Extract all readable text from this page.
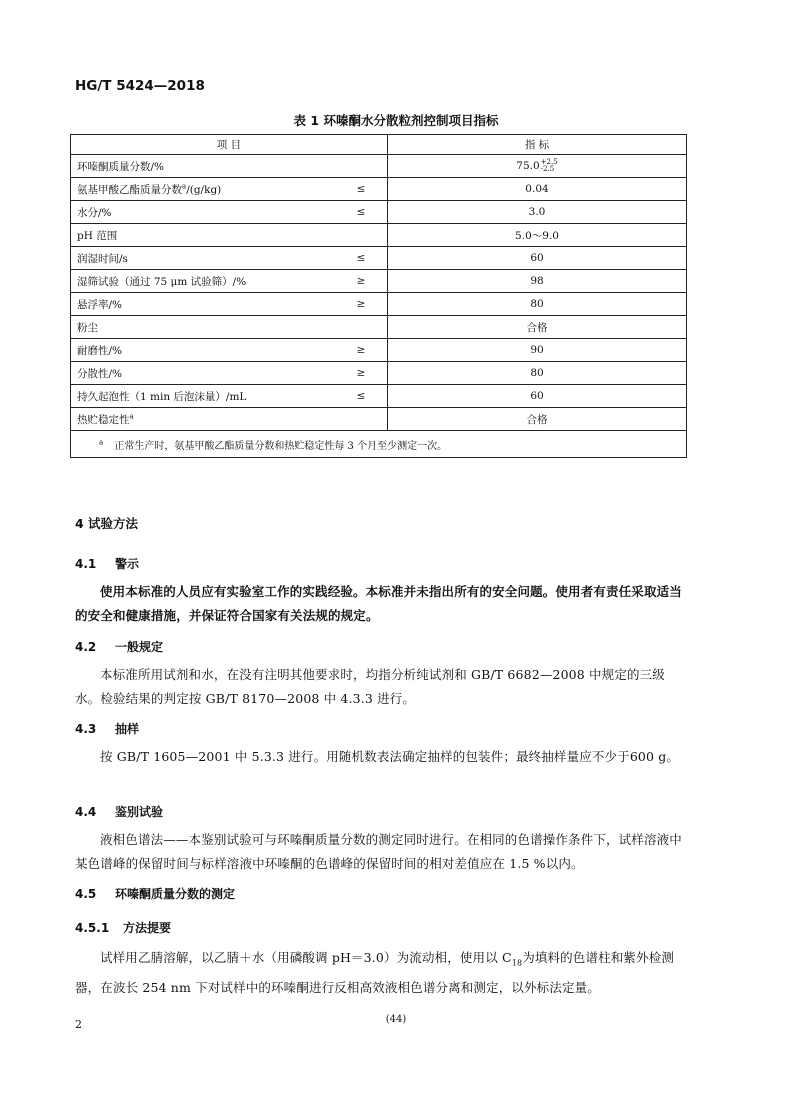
HG/T 5424—2018
表 1 环嗪酮水分散粒剂控制项目指标
项 目		指 标
环嗪酮质量分数/%		75.0 +2.5
-2.5

氨基甲酸乙酯质量分数$^a$/(g/kg)	≤	0.04
水分/%	≤	3.0
pH 范围		5.0～9.0
润湿时间/s	≤	60
湿筛试验（通过 75 μm 试验筛）/%	≥	98
悬浮率/%	≥	80
粉尘		合格
耐磨性/%	≥	90
分散性/%	≥	80
持久起泡性（1 min 后泡沫量）/mL	≤	60
热贮稳定性$^a$		合格
$^a$ 正常生产时，氨基甲酸乙酯质量分数和热贮稳定性每 3 个月至少测定一次。		
4 试验方法
4.1 警示
使用本标准的人员应有实验室工作的实践经验。本标准并未指出所有的安全问题。使用者有责任采取适当的安全和健康措施，并保证符合国家有关法规的规定。
4.2 一般规定
本标准所用试剂和水，在没有注明其他要求时，均指分析纯试剂和 GB/T 6682—2008 中规定的三级水。检验结果的判定按 GB/T 8170—2008 中 4.3.3 进行。
4.3 抽样
按 GB/T 1605—2001 中 5.3.3 进行。用随机数表法确定抽样的包装件；最终抽样量应不少于600 g。
4.4 鉴别试验
液相色谱法——本鉴别试验可与环嗪酮质量分数的测定同时进行。在相同的色谱操作条件下，试样溶液中某色谱峰的保留时间与标样溶液中环嗪酮的色谱峰的保留时间的相对差值应在 1.5 %以内。
4.5 环嗪酮质量分数的测定
4.5.1 方法提要
试样用乙腈溶解，以乙腈＋水（用磷酸调 pH＝3.0）为流动相，使用以 $C_{18}$为填料的色谱柱和紫外检测器，在波长 254 nm 下对试样中的环嗪酮进行反相高效液相色谱分离和测定，以外标法定量。
2	(44)
